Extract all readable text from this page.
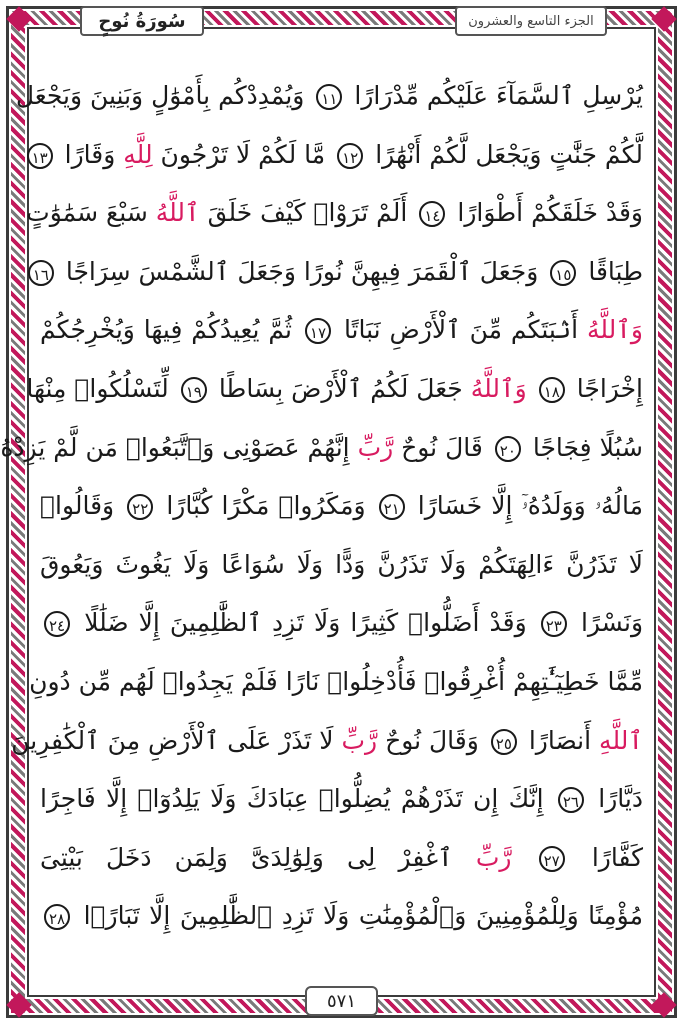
سُورَةُ نُوحٍ	الجزء التاسع والعشرون
يُرْسِلِ ٱلسَّمَآءَ عَلَيْكُم مِّدْرَارًا ١١ وَيُمْدِدْكُم بِأَمْوَٰلٍ وَبَنِينَ وَيَجْعَل
لَّكُمْ جَنَّٰتٍ وَيَجْعَل لَّكُمْ أَنْهَٰرًا ١٢ مَّا لَكُمْ لَا تَرْجُونَ لِلَّهِ وَقَارًا ١٣
وَقَدْ خَلَقَكُمْ أَطْوَارًا ١٤ أَلَمْ تَرَوْا۟ كَيْفَ خَلَقَ ٱللَّهُ سَبْعَ سَمَٰوَٰتٍ
طِبَاقًا ١٥ وَجَعَلَ ٱلْقَمَرَ فِيهِنَّ نُورًا وَجَعَلَ ٱلشَّمْسَ سِرَاجًا ١٦
وَٱللَّهُ أَنۢبَتَكُم مِّنَ ٱلْأَرْضِ نَبَاتًا ١٧ ثُمَّ يُعِيدُكُمْ فِيهَا وَيُخْرِجُكُمْ
إِخْرَاجًا ١٨ وَٱللَّهُ جَعَلَ لَكُمُ ٱلْأَرْضَ بِسَاطًا ١٩ لِّتَسْلُكُوا۟ مِنْهَا
سُبُلًا فِجَاجًا ٢٠ قَالَ نُوحٌ رَّبِّ إِنَّهُمْ عَصَوْنِى وَٱتَّبَعُوا۟ مَن لَّمْ يَزِدْهُ
مَالُهُۥ وَوَلَدُهُۥٓ إِلَّا خَسَارًا ٢١ وَمَكَرُوا۟ مَكْرًا كُبَّارًا ٢٢ وَقَالُوا۟
لَا تَذَرُنَّ ءَالِهَتَكُمْ وَلَا تَذَرُنَّ وَدًّا وَلَا سُوَاعًا وَلَا يَغُوثَ وَيَعُوقَ
وَنَسْرًا ٢٣ وَقَدْ أَضَلُّوا۟ كَثِيرًا وَلَا تَزِدِ ٱلظَّٰلِمِينَ إِلَّا ضَلَٰلًا ٢٤
مِّمَّا خَطِيٓـَٰٔتِهِمْ أُغْرِقُوا۟ فَأُدْخِلُوا۟ نَارًا فَلَمْ يَجِدُوا۟ لَهُم مِّن دُونِ
ٱللَّهِ أَنصَارًا ٢٥ وَقَالَ نُوحٌ رَّبِّ لَا تَذَرْ عَلَى ٱلْأَرْضِ مِنَ ٱلْكَٰفِرِينَ
دَيَّارًا ٢٦ إِنَّكَ إِن تَذَرْهُمْ يُضِلُّوا۟ عِبَادَكَ وَلَا يَلِدُوٓا۟ إِلَّا فَاجِرًا
كَفَّارًا ٢٧ رَّبِّ ٱغْفِرْ لِى وَلِوَٰلِدَىَّ وَلِمَن دَخَلَ بَيْتِىَ
مُؤْمِنًا وَلِلْمُؤْمِنِينَ وَٱلْمُؤْمِنَٰتِ وَلَا تَزِدِ ٱلظَّٰلِمِينَ إِلَّا تَبَارًۢا ٢٨
٥٧١
